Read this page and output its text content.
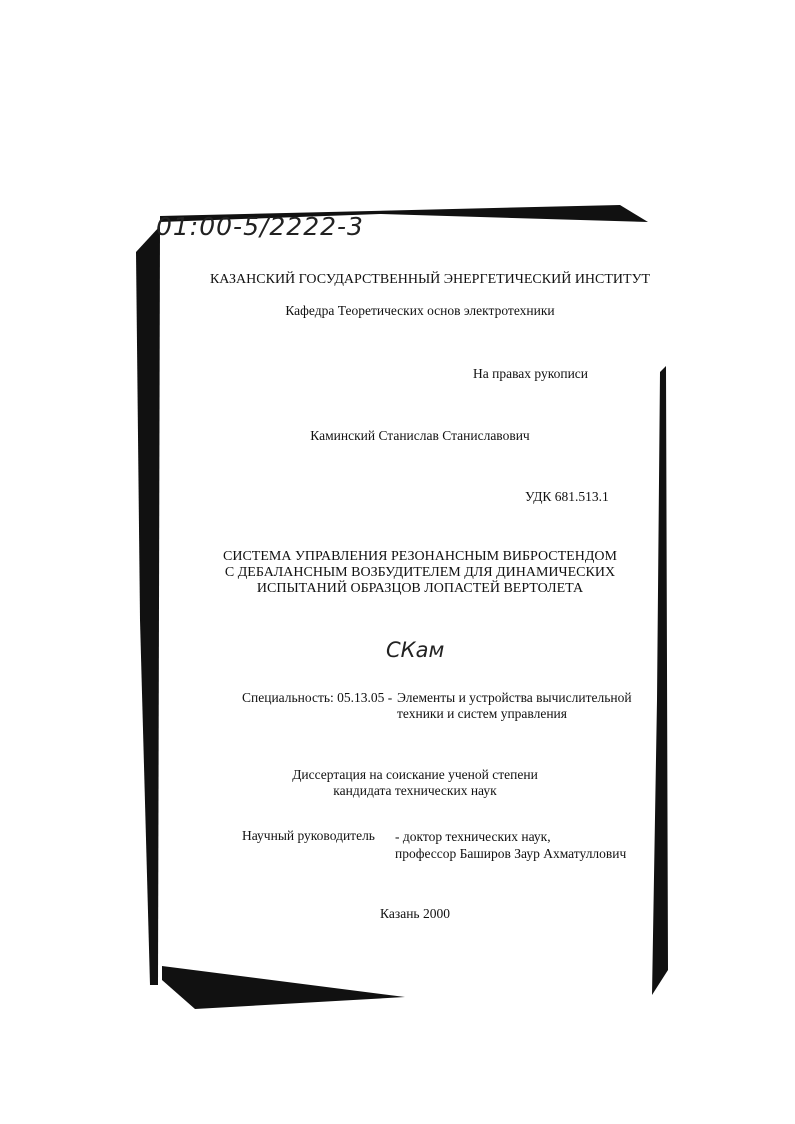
01:00-5/2222-3
КАЗАНСКИЙ ГОСУДАРСТВЕННЫЙ ЭНЕРГЕТИЧЕСКИЙ ИНСТИТУТ
Кафедра Теоретических основ электротехники
На правах рукописи
Каминский Станислав Станиславович
УДК 681.513.1
СИСТЕМА УПРАВЛЕНИЯ РЕЗОНАНСНЫМ ВИБРОСТЕНДОМ
С ДЕБАЛАНСНЫМ ВОЗБУДИТЕЛЕМ ДЛЯ ДИНАМИЧЕСКИХ
ИСПЫТАНИЙ ОБРАЗЦОВ ЛОПАСТЕЙ ВЕРТОЛЕТА
СКам
Специальность: 05.13.05 - Элементы и устройства вычислительной
техники и систем управления
Диссертация на соискание ученой степени
кандидата технических наук
Научный руководитель - доктор технических наук,
профессор Баширов Заур Ахматуллович
Казань 2000
